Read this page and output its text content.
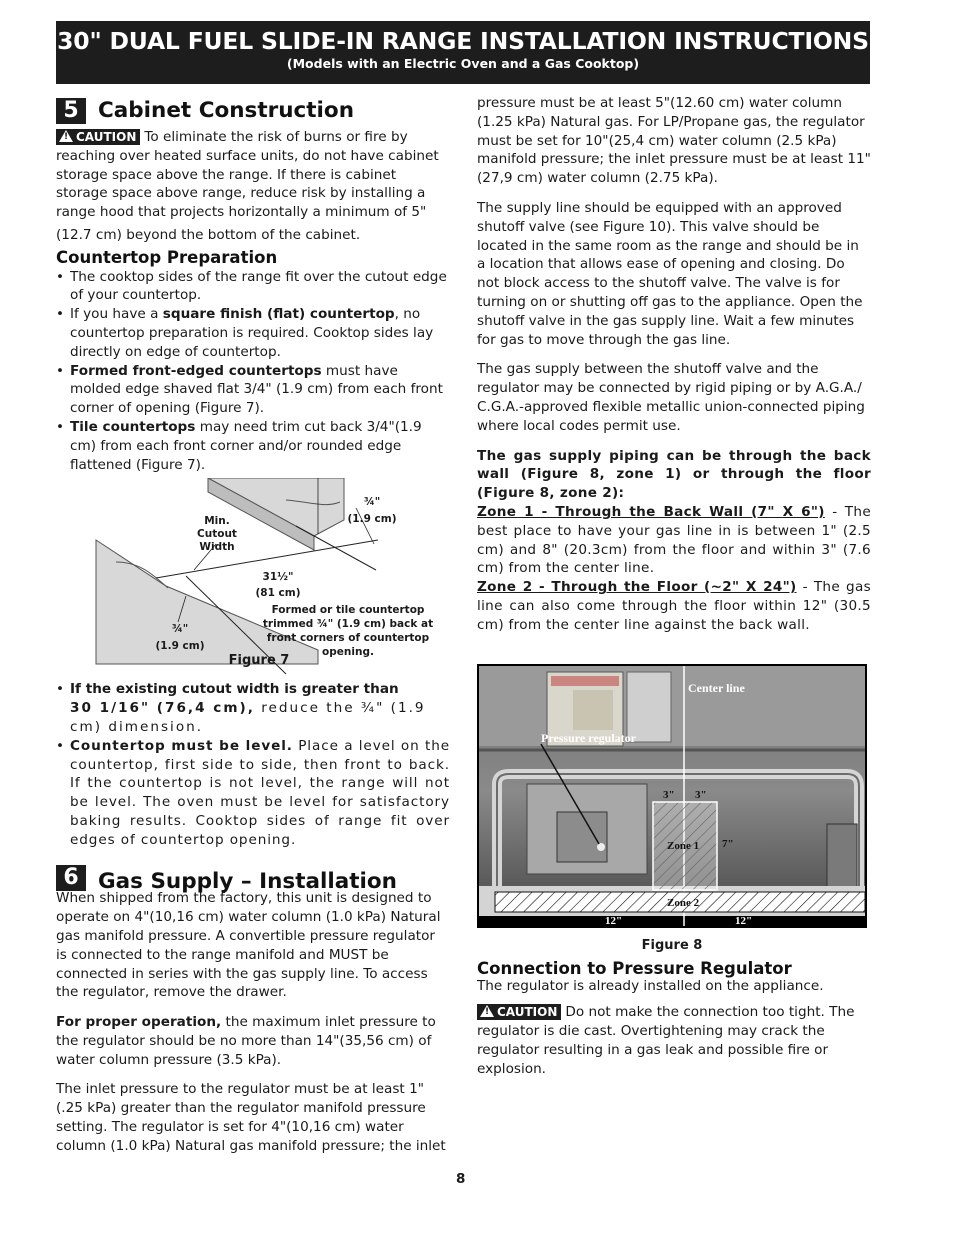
30" DUAL FUEL SLIDE-IN RANGE INSTALLATION INSTRUCTIONS
(Models with an Electric Oven and a Gas Cooktop)
5 Cabinet Construction

! CAUTION To eliminate the risk of burns or fire by reaching over heated surface units, do not have cabinet storage space above the range. If there is cabinet storage space above range, reduce risk by installing a range hood that projects horizontally a minimum of 5"

(12.7 cm) beyond the bottom of the cabinet.

Countertop Preparation
• The cooktop sides of the range fit over the cutout edge of your countertop.
• If you have a square finish (flat) countertop, no countertop preparation is required. Cooktop sides lay directly on edge of countertop.
• Formed front-edged countertops must have molded edge shaved flat 3/4" (1.9 cm) from each front corner of opening (Figure 7).
• Tile countertops may need trim cut back 3/4"(1.9 cm) from each front corner and/or rounded edge flattened (Figure 7).
Min.
Cutout
Width
¾"
(1.9 cm)
31½"
(81 cm)
¾"
(1.9 cm)
Formed or tile countertop
trimmed ¾" (1.9 cm) back at
front corners of countertop
opening.
Figure 7
• If the existing cutout width is greater than
30 1/16" (76,4 cm), reduce the ¾" (1.9 cm) dimension.
• Countertop must be level. Place a level on the countertop, first side to side, then front to back. If the countertop is not level, the range will not be level. The oven must be level for satisfactory baking results. Cooktop sides of range fit over edges of countertop opening.
6 Gas Supply – Installation

When shipped from the factory, this unit is designed to operate on 4"(10,16 cm) water column (1.0 kPa) Natural gas manifold pressure. A convertible pressure regulator is connected to the range manifold and MUST be connected in series with the gas supply line. To access the regulator, remove the drawer.

For proper operation, the maximum inlet pressure to the regulator should be no more than 14"(35,56 cm) of water column pressure (3.5 kPa).

The inlet pressure to the regulator must be at least 1" (.25 kPa) greater than the regulator manifold pressure setting. The regulator is set for 4"(10,16 cm) water column (1.0 kPa) Natural gas manifold pressure; the inlet

pressure must be at least 5"(12.60 cm) water column (1.25 kPa) Natural gas. For LP/Propane gas, the regulator must be set for 10"(25,4 cm) water column (2.5 kPa) manifold pressure; the inlet pressure must be at least 11"(27,9 cm) water column (2.75 kPa).

The supply line should be equipped with an approved shutoff valve (see Figure 10). This valve should be located in the same room as the range and should be in a location that allows ease of opening and closing. Do not block access to the shutoff valve. The valve is for turning on or shutting off gas to the appliance. Open the shutoff valve in the gas supply line. Wait a few minutes for gas to move through the gas line.

The gas supply between the shutoff valve and the regulator may be connected by rigid piping or by A.G.A./ C.G.A.-approved flexible metallic union-connected piping where local codes permit use.

The gas supply piping can be through the back wall (Figure 8, zone 1) or through the floor (Figure 8, zone 2):

Zone 1 - Through the Back Wall (7" X 6") - The best place to have your gas line in is between 1" (2.5 cm) and 8" (20.3cm) from the floor and within 3" (7.6 cm) from the center line.

Zone 2 - Through the Floor (~2" X 24") - The gas line can also come through the floor within 12" (30.5 cm) from the center line against the back wall.

Center line
Pressure regulator
3" 3"
Zone 1 7"
Zone 2
12"	12"
Figure 8
Connection to Pressure Regulator

The regulator is already installed on the appliance.

! CAUTION Do not make the connection too tight. The regulator is die cast. Overtightening may crack the regulator resulting in a gas leak and possible fire or explosion.

8
